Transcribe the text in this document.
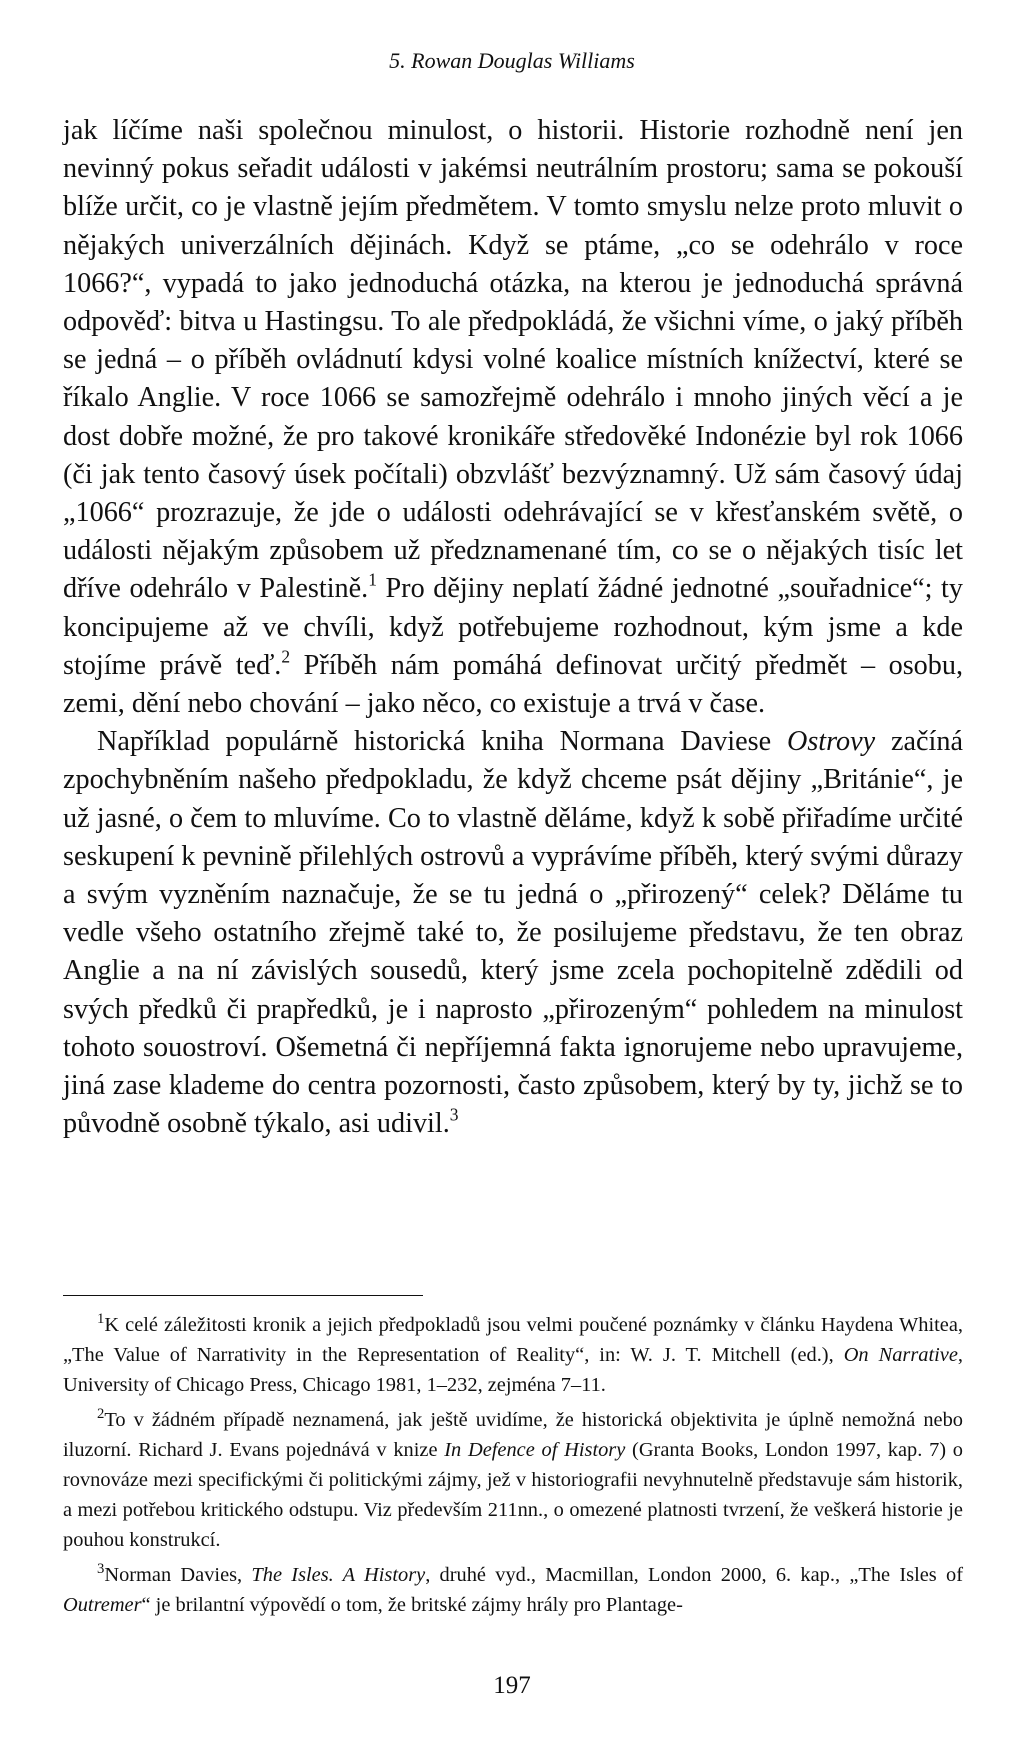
5. Rowan Douglas Williams

jak líčíme naši společnou minulost, o historii. Historie rozhodně není jen nevinný pokus seřadit události v jakémsi neutrálním prostoru; sama se pokouší blíže určit, co je vlastně jejím předmětem. V tomto smyslu nelze proto mluvit o nějakých univerzálních dějinách. Když se ptáme, „co se odehrálo v roce 1066?“, vypadá to jako jednoduchá otázka, na kterou je jednoduchá správná odpověď: bitva u Hastingsu. To ale předpokládá, že všichni víme, o jaký příběh se jedná – o příběh ovládnutí kdysi volné koalice místních knížectví, které se říkalo Anglie. V roce 1066 se samozřejmě odehrálo i mnoho jiných věcí a je dost dobře možné, že pro takové kronikáře středověké Indonézie byl rok 1066 (či jak tento časový úsek počítali) obzvlášť bezvýznamný. Už sám časový údaj „1066“ prozrazuje, že jde o události odehrávající se v křesťanském světě, o události nějakým způsobem už předznamenané tím, co se o nějakých tisíc let dříve odehrálo v Palestině.$^1$ Pro dějiny neplatí žádné jednotné „souřadnice“; ty koncipujeme až ve chvíli, když potřebujeme rozhodnout, kým jsme a kde stojíme právě teď.$^2$ Příběh nám pomáhá definovat určitý předmět – osobu, zemi, dění nebo chování – jako něco, co existuje a trvá v čase.

Například populárně historická kniha Normana Daviese Ostrovy začíná zpochybněním našeho předpokladu, že když chceme psát dějiny „Británie“, je už jasné, o čem to mluvíme. Co to vlastně děláme, když k sobě přiřadíme určité seskupení k pevnině přilehlých ostrovů a vyprávíme příběh, který svými důrazy a svým vyzněním naznačuje, že se tu jedná o „přirozený“ celek? Děláme tu vedle všeho ostatního zřejmě také to, že posilujeme představu, že ten obraz Anglie a na ní závislých sousedů, který jsme zcela pochopitelně zdědili od svých předků či prapředků, je i naprosto „přirozeným“ pohledem na minulost tohoto souostroví. Ošemetná či nepříjemná fakta ignorujeme nebo upravujeme, jiná zase klademe do centra pozornosti, často způsobem, který by ty, jichž se to původně osobně týkalo, asi udivil.$^3$

$^1$K celé záležitosti kronik a jejich předpokladů jsou velmi poučené poznámky v článku Haydena Whitea, „The Value of Narrativity in the Representation of Reality“, in: W. J. T. Mitchell (ed.), On Narrative, University of Chicago Press, Chicago 1981, 1–232, zejména 7–11.

$^2$To v žádném případě neznamená, jak ještě uvidíme, že historická objektivita je úplně nemožná nebo iluzorní. Richard J. Evans pojednává v knize In Defence of History (Granta Books, London 1997, kap. 7) o rovnováze mezi specifickými či politickými zájmy, jež v historiografii nevyhnutelně představuje sám historik, a mezi potřebou kritického odstupu. Viz především 211nn., o omezené platnosti tvrzení, že veškerá historie je pouhou konstrukcí.

$^3$Norman Davies, The Isles. A History, druhé vyd., Macmillan, London 2000, 6. kap., „The Isles of Outremer“ je brilantní výpovědí o tom, že britské zájmy hrály pro Plantage-

197
